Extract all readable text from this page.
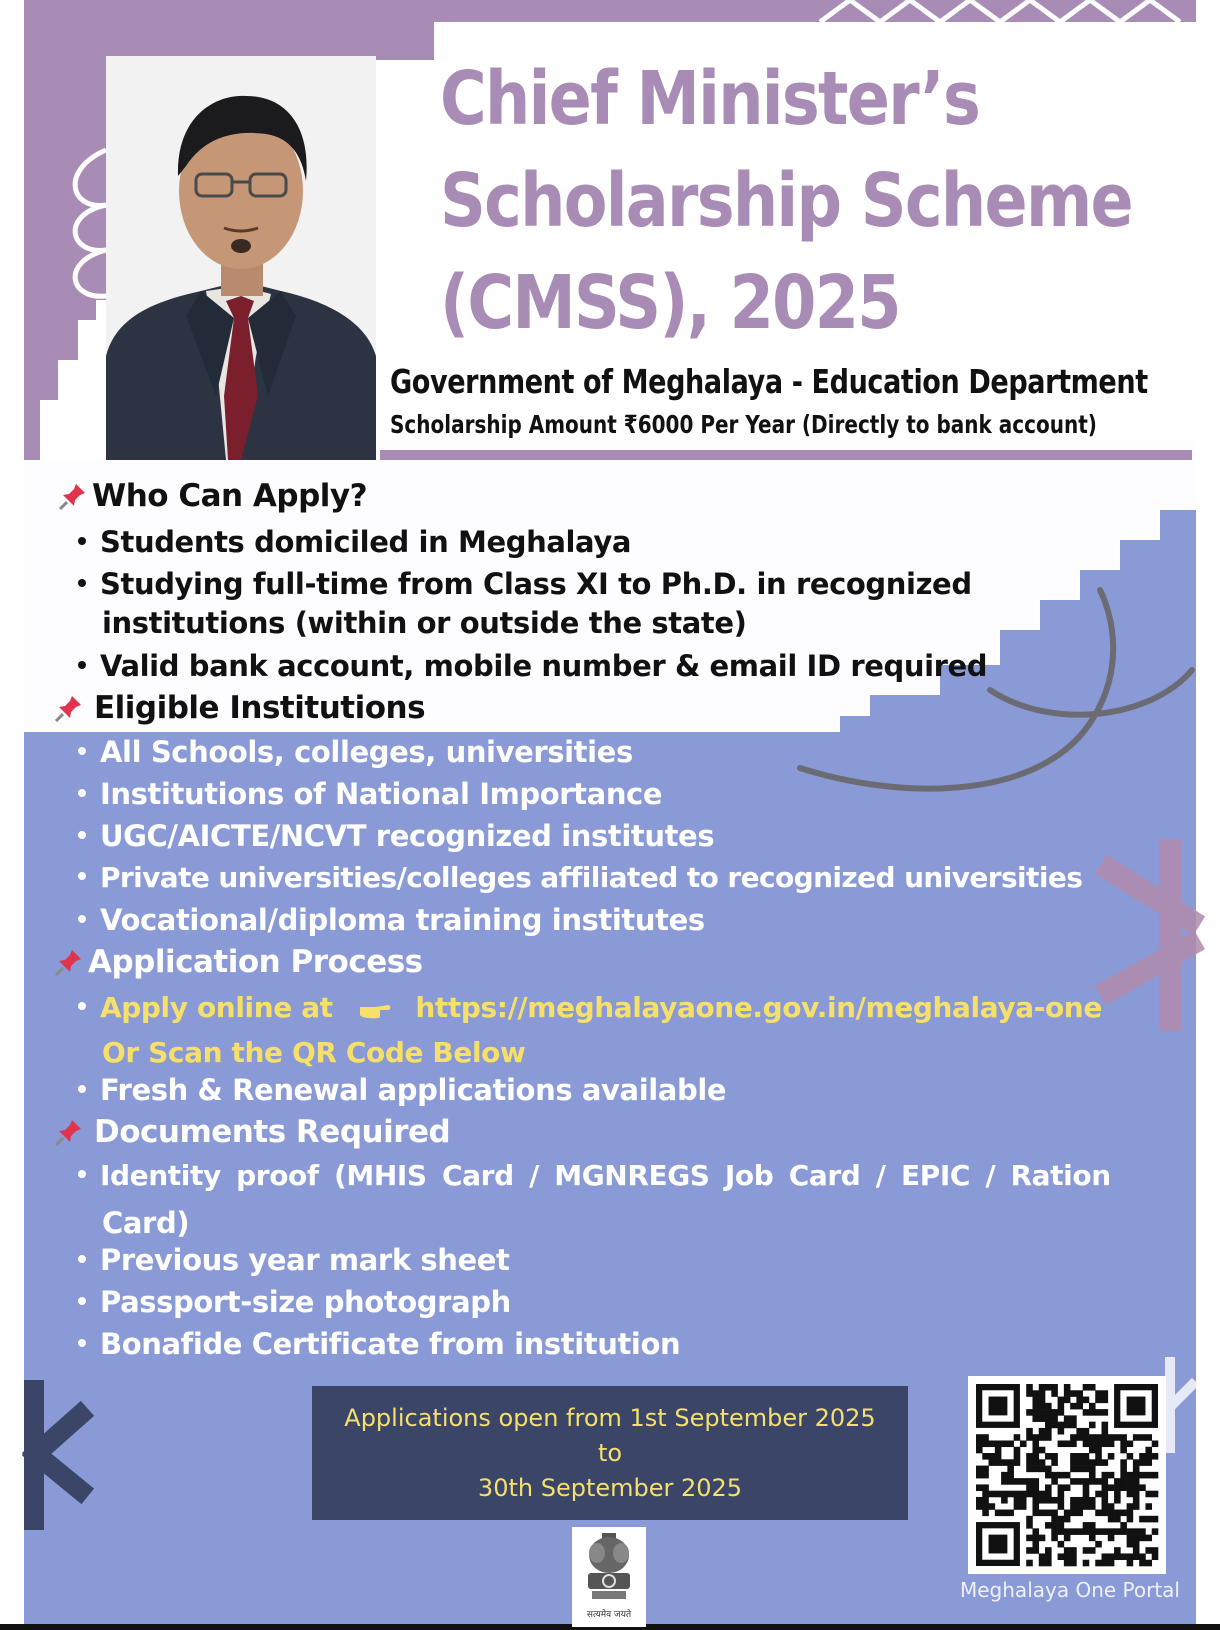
Chief Minister’s
Scholarship Scheme
(CMSS), 2025
Government of Meghalaya - Education Department
Scholarship Amount ₹6000 Per Year (Directly to bank account)
Who Can Apply?
Students domiciled in Meghalaya
Studying full-time from Class XI to Ph.D. in recognized
institutions (within or outside the state)
Valid bank account, mobile number & email ID required
Eligible Institutions
All Schools, colleges, universities
Institutions of National Importance
UGC/AICTE/NCVT recognized institutes
Private universities/colleges affiliated to recognized universities
Vocational/diploma training institutes
Application Process
Apply online at	https://meghalayaone.gov.in/meghalaya-one
Or Scan the QR Code Below
Fresh & Renewal applications available
Documents Required
Identity proof (MHIS Card / MGNREGS Job Card / EPIC / Ration
Card)
Previous year mark sheet
Passport-size photograph
Bonafide Certificate from institution
Applications open from 1st September 2025
to
30th September 2025
सत्यमेव जयते
Meghalaya One Portal
